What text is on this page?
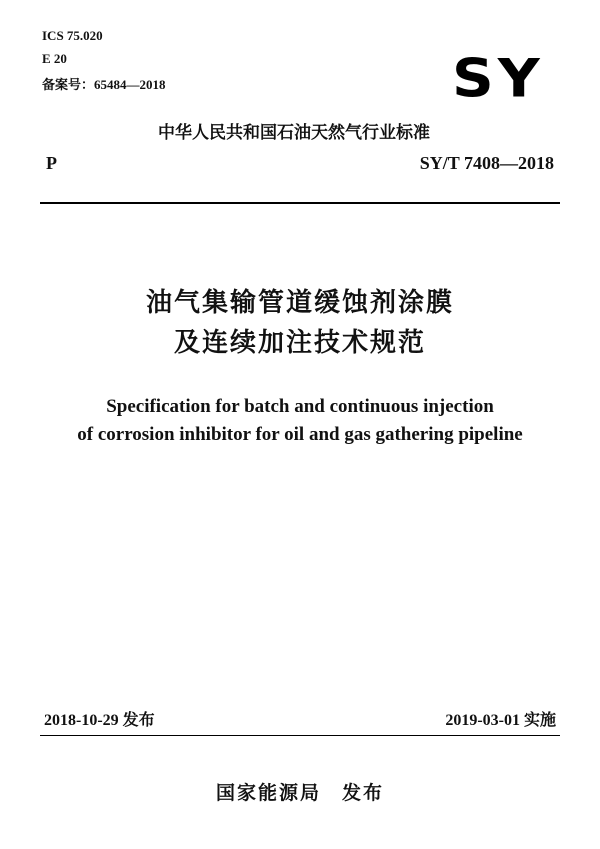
ICS 75.020
E 20
备案号：65484—2018	SY
中华人民共和国石油天然气行业标准
P	SY/T 7408—2018
油气集输管道缓蚀剂涂膜
及连续加注技术规范
Specification for batch and continuous injection
of corrosion inhibitor for oil and gas gathering pipeline
2018-10-29 发布	2019-03-01 实施
国家能源局　发布
